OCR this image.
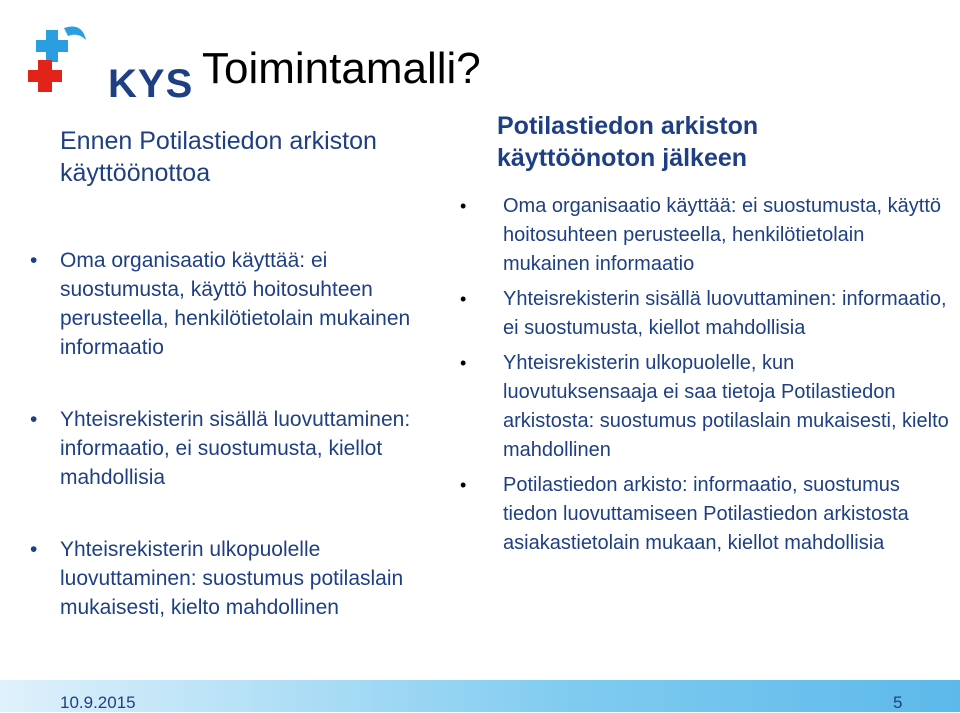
KYS Toimintamalli?
Ennen Potilastiedon arkiston käyttöönottoa
• Oma organisaatio käyttää: ei suostumusta, käyttö hoitosuhteen perusteella, henkilötietolain mukainen informaatio
• Yhteisrekisterin sisällä luovuttaminen: informaatio, ei suostumusta, kiellot mahdollisia
• Yhteisrekisterin ulkopuolelle luovuttaminen: suostumus potilaslain mukaisesti, kielto mahdollinen
Potilastiedon arkiston käyttöönoton jälkeen
• Oma organisaatio käyttää: ei suostumusta, käyttö hoitosuhteen perusteella, henkilötietolain mukainen informaatio
• Yhteisrekisterin sisällä luovuttaminen: informaatio, ei suostumusta, kiellot mahdollisia
• Yhteisrekisterin ulkopuolelle, kun luovutuksensaaja ei saa tietoja Potilastiedon arkistosta: suostumus potilaslain mukaisesti, kielto mahdollinen
• Potilastiedon arkisto: informaatio, suostumus tiedon luovuttamiseen Potilastiedon arkistosta asiakastietolain mukaan, kiellot mahdollisia
10.9.2015	5
